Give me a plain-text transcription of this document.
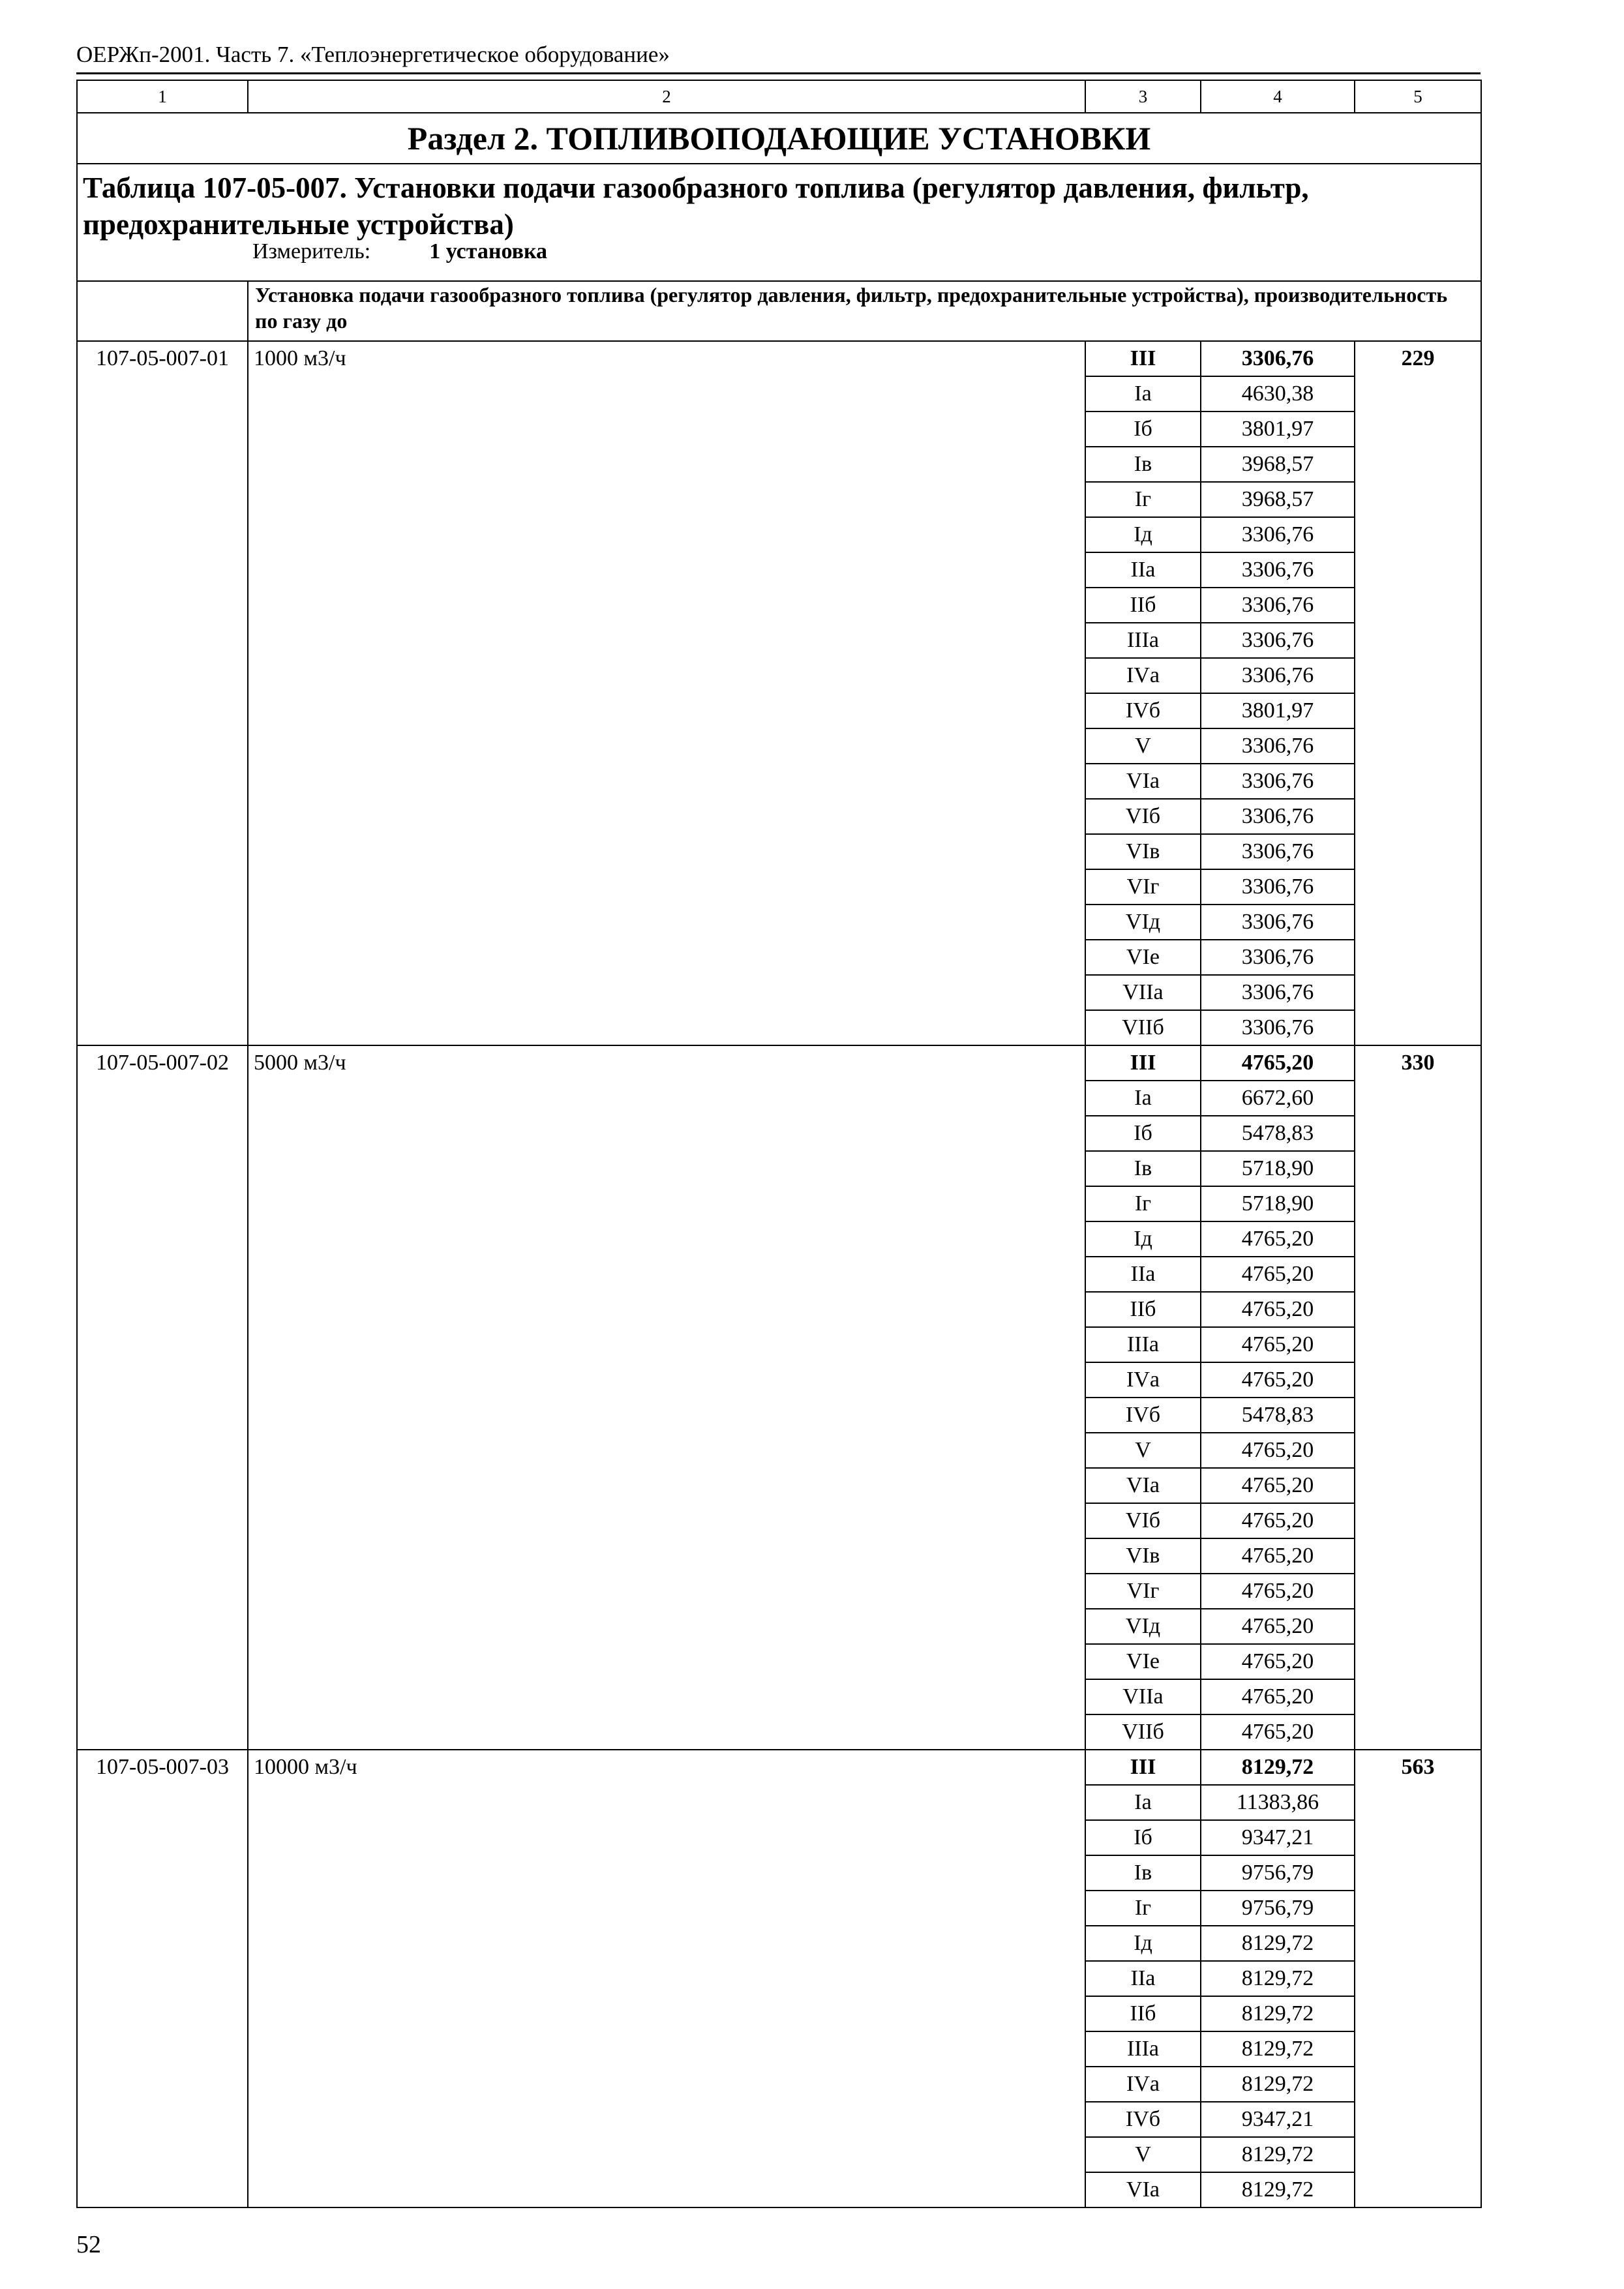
ОЕРЖп-2001. Часть 7. «Теплоэнергетическое оборудование»
1	2	3	4	5
Раздел 2. ТОПЛИВОПОДАЮЩИЕ УСТАНОВКИ				
Таблица 107-05-007. Установки подачи газообразного топлива (регулятор давления, фильтр, предохранительные устройства)
Измеритель: 1 установка				

	Установка подачи газообразного топлива (регулятор давления, фильтр, предохранительные устройства), производительность по газу до			
107-05-007-01	1000 м3/ч	III	3306,76	229
		Iа	4630,38	
		Iб	3801,97	
		Iв	3968,57	
		Iг	3968,57	
		Iд	3306,76	
		IIа	3306,76	
		IIб	3306,76	
		IIIа	3306,76	
		IVа	3306,76	
		IVб	3801,97	
		V	3306,76	
		VIа	3306,76	
		VIб	3306,76	
		VIв	3306,76	
		VIг	3306,76	
		VIд	3306,76	
		VIе	3306,76	
		VIIа	3306,76	
		VIIб	3306,76	
107-05-007-02	5000 м3/ч	III	4765,20	330
		Iа	6672,60	
		Iб	5478,83	
		Iв	5718,90	
		Iг	5718,90	
		Iд	4765,20	
		IIа	4765,20	
		IIб	4765,20	
		IIIа	4765,20	
		IVа	4765,20	
		IVб	5478,83	
		V	4765,20	
		VIа	4765,20	
		VIб	4765,20	
		VIв	4765,20	
		VIг	4765,20	
		VIд	4765,20	
		VIе	4765,20	
		VIIа	4765,20	
		VIIб	4765,20	
107-05-007-03	10000 м3/ч	III	8129,72	563
		Iа	11383,86	
		Iб	9347,21	
		Iв	9756,79	
		Iг	9756,79	
		Iд	8129,72	
		IIа	8129,72	
		IIб	8129,72	
		IIIа	8129,72	
		IVа	8129,72	
		IVб	9347,21	
		V	8129,72	
		VIа	8129,72	
52
